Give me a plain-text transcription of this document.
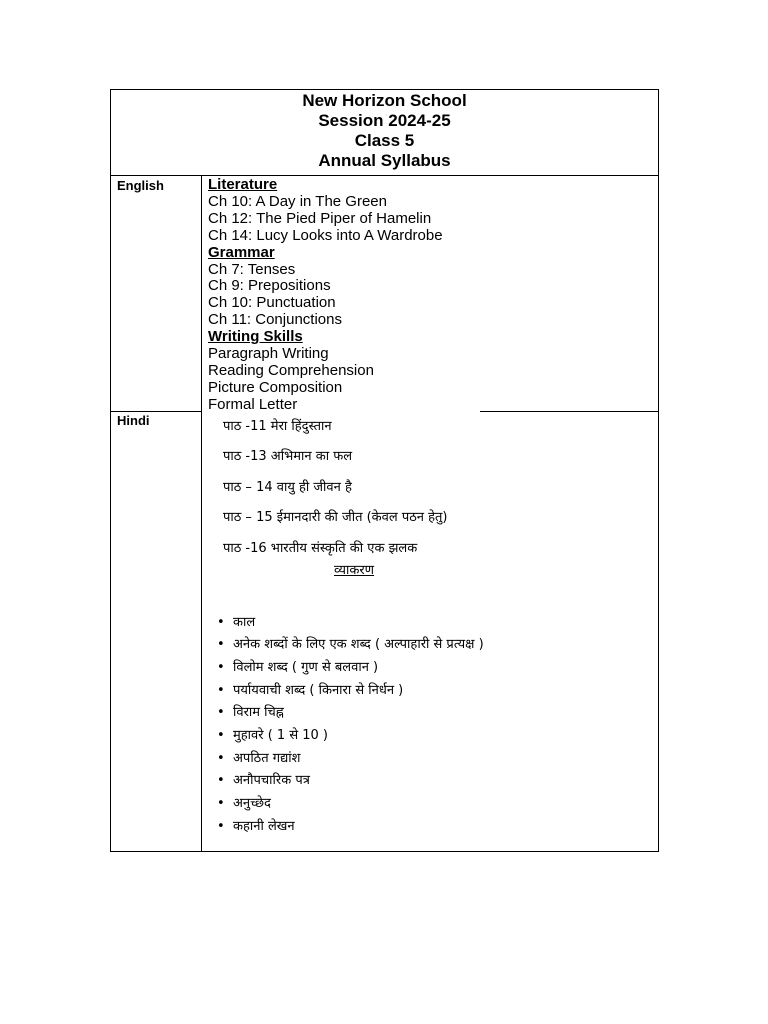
New Horizon School
Session 2024-25
Class 5
Annual Syllabus
English	Literature
Ch 10: A Day in The Green
Ch 12: The Pied Piper of Hamelin
Ch 14: Lucy Looks into A Wardrobe
Grammar
Ch 7: Tenses
Ch 9: Prepositions
Ch 10: Punctuation
Ch 11: Conjunctions
Writing Skills
Paragraph Writing
Reading Comprehension
Picture Composition
Formal Letter
Hindi	पाठ -11 मेरा हिंदुस्तान
पाठ -13 अभिमान का फल
पाठ – 14 वायु ही जीवन है
पाठ – 15 ईमानदारी की जीत (केवल पठन हेतु)
पाठ -16 भारतीय संस्कृति की एक झलक
व्याकरण
• काल
• अनेक शब्दों के लिए एक शब्द ( अल्पाहारी से प्रत्यक्ष )
• विलोम शब्द ( गुण से बलवान )
• पर्यायवाची शब्द ( किनारा से निर्धन )
• विराम चिह्न
• मुहावरे ( 1 से 10 )
• अपठित गद्यांश
• अनौपचारिक पत्र
• अनुच्छेद
• कहानी लेखन
